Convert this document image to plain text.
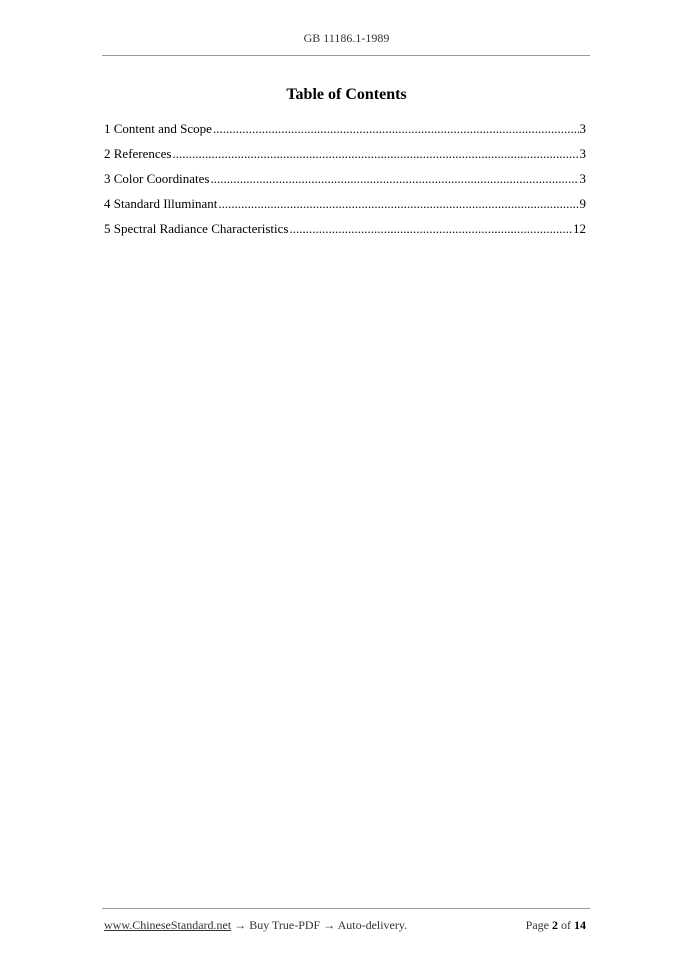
GB 11186.1-1989
Table of Contents
1 Content and Scope .....	3
2 References .....	3
3 Color Coordinates .....	3
4 Standard Illuminant .....	9
5 Spectral Radiance Characteristics .....	12
www.ChineseStandard.net → Buy True-PDF → Auto-delivery.	Page 2 of 14
